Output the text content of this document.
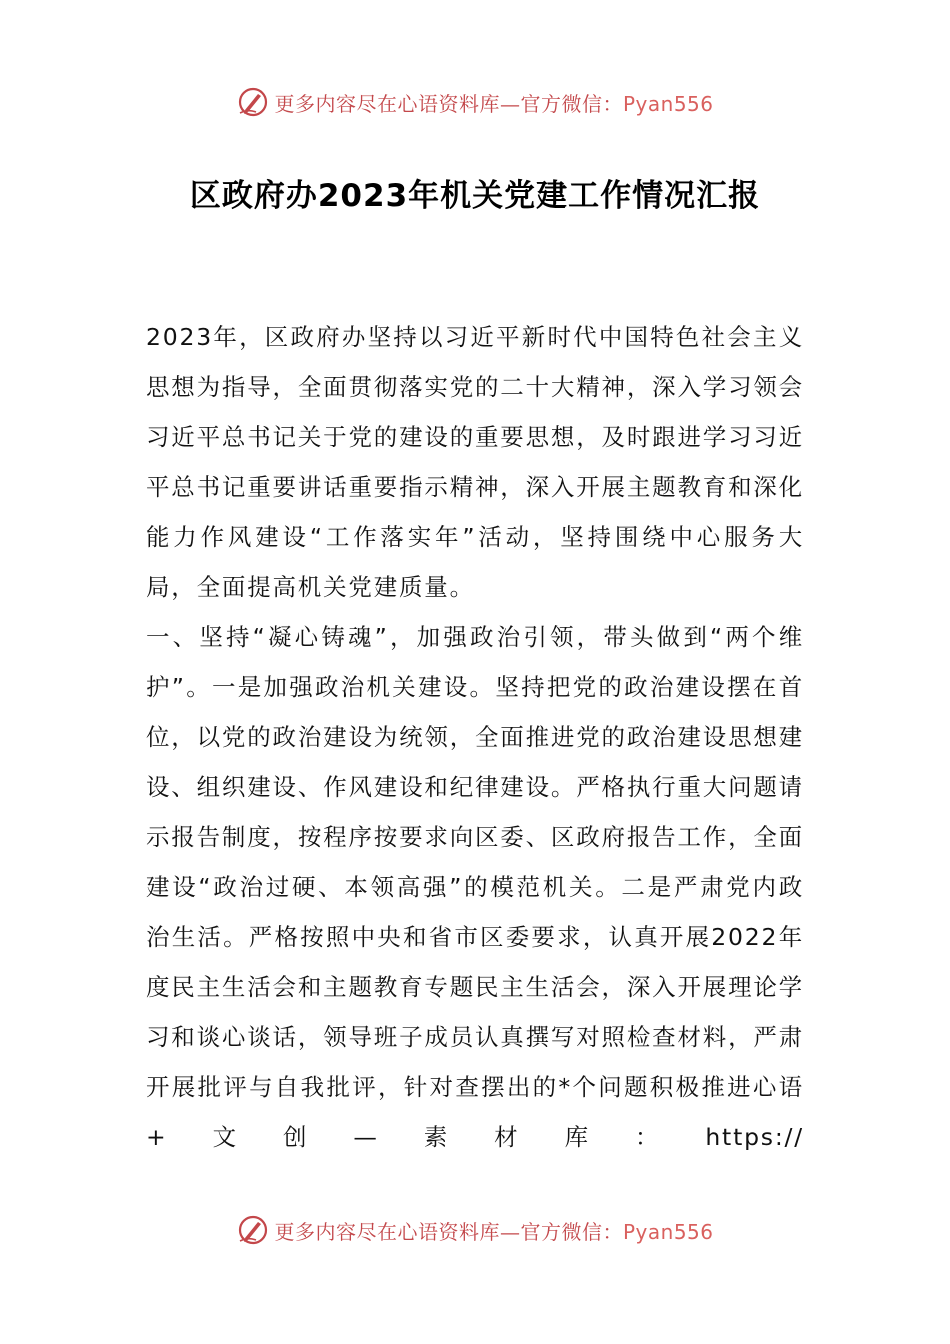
更多内容尽在心语资料库—官方微信：Pyan556
区政府办2023年机关党建工作情况汇报

2023年，区政府办坚持以习近平新时代中国特色社会主义思想为指导，全面贯彻落实党的二十大精神，深入学习领会习近平总书记关于党的建设的重要思想，及时跟进学习习近平总书记重要讲话重要指示精神，深入开展主题教育和深化能力作风建设“工作落实年”活动，坚持围绕中心服务大局，全面提高机关党建质量。

一、坚持“凝心铸魂”，加强政治引领，带头做到“两个维护”。一是加强政治机关建设。坚持把党的政治建设摆在首位，以党的政治建设为统领，全面推进党的政治建设思想建设、组织建设、作风建设和纪律建设。严格执行重大问题请示报告制度，按程序按要求向区委、区政府报告工作，全面建设“政治过硬、本领高强”的模范机关。二是严肃党内政治生活。严格按照中央和省市区委要求，认真开展2022年度民主生活会和主题教育专题民主生活会，深入开展理论学习和谈心谈话，领导班子成员认真撰写对照检查材料，严肃开展批评与自我批评，针对查摆出的*个问题积极推进心语+文创—素材库：https://

更多内容尽在心语资料库—官方微信：Pyan556
